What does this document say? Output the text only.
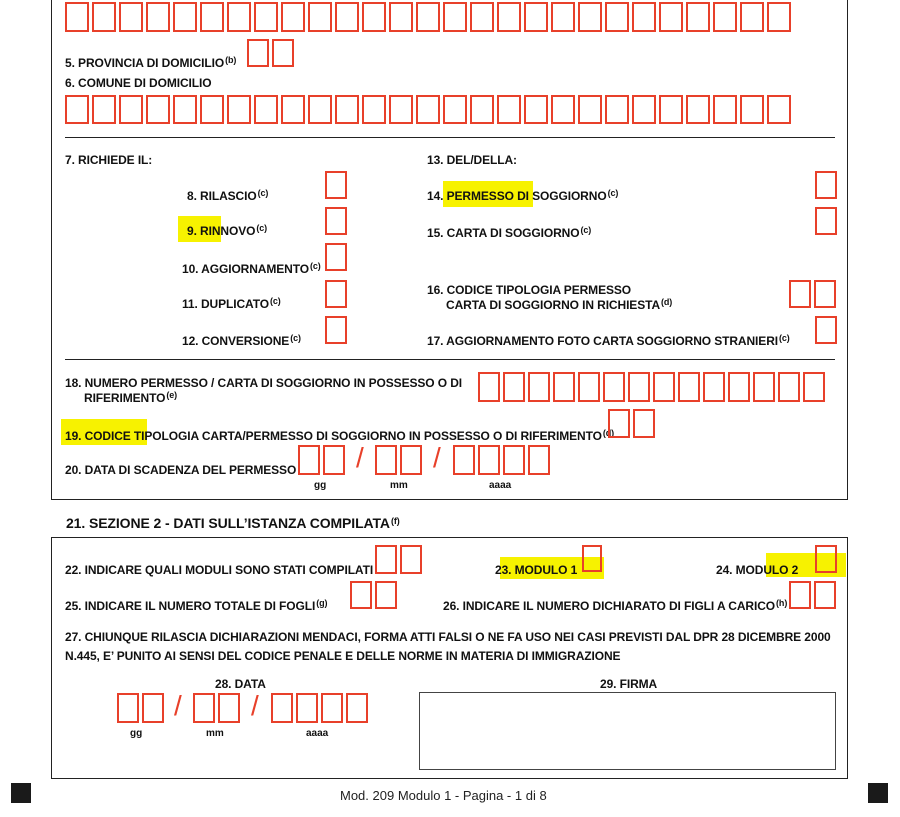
5. PROVINCIA DI DOMICILIO$^{(b)}$
6. COMUNE DI DOMICILIO
7. RICHIEDE IL:
8. RILASCIO$^{(c)}$
9. RINNOVO$^{(c)}$
10. AGGIORNAMENTO$^{(c)}$
11. DUPLICATO$^{(c)}$
12. CONVERSIONE$^{(c)}$
13. DEL/DELLA:
14. PERMESSO DI SOGGIORNO$^{(c)}$
15. CARTA DI SOGGIORNO$^{(c)}$
16. CODICE TIPOLOGIA PERMESSO
CARTA DI SOGGIORNO IN RICHIESTA$^{(d)}$
17. AGGIORNAMENTO FOTO CARTA SOGGIORNO STRANIERI$^{(c)}$
18. NUMERO PERMESSO / CARTA DI SOGGIORNO IN POSSESSO O DI
RIFERIMENTO$^{(e)}$
19. CODICE TIPOLOGIA CARTA/PERMESSO DI SOGGIORNO IN POSSESSO O DI RIFERIMENTO$^{(d)}$
20. DATA DI SCADENZA DEL PERMESSO / /
gg	mm	aaaa
21. SEZIONE 2 - DATI SULL’ISTANZA COMPILATA$^{(f)}$
22. INDICARE QUALI MODULI SONO STATI COMPILATI	23. MODULO 1	24. MODULO 2
25. INDICARE IL NUMERO TOTALE DI FOGLI$^{(g)}$	26. INDICARE IL NUMERO DICHIARATO DI FIGLI A CARICO$^{(h)}$
27. CHIUNQUE RILASCIA DICHIARAZIONI MENDACI, FORMA ATTI FALSI O NE FA USO NEI CASI PREVISTI DAL DPR 28 DICEMBRE 2000
N.445, E’ PUNITO AI SENSI DEL CODICE PENALE E DELLE NORME IN MATERIA DI IMMIGRAZIONE
28. DATA
/ /
gg	mm	aaaa
29. FIRMA
Mod. 209 Modulo 1 - Pagina - 1 di 8
